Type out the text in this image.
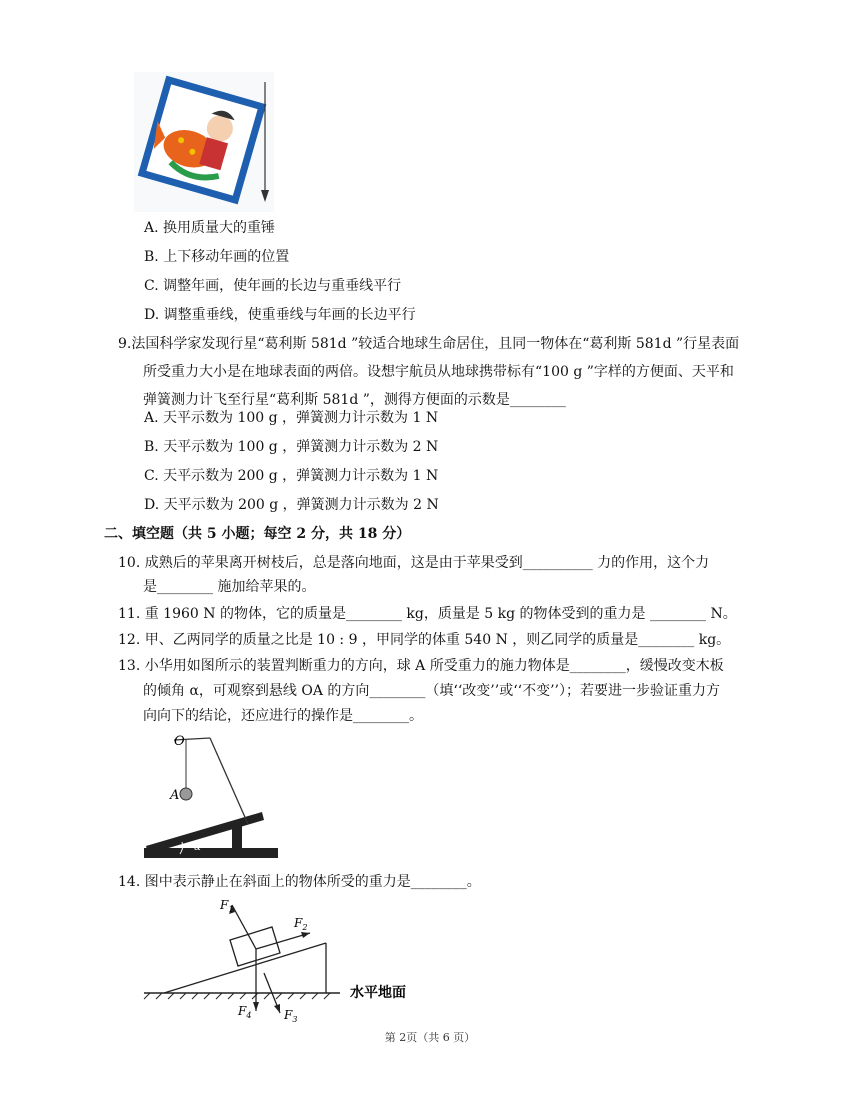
A. 换用质量大的重锤
B. 上下移动年画的位置
C. 调整年画，使年画的长边与重垂线平行
D. 调整重垂线，使重垂线与年画的长边平行
9.法国科学家发现行星“葛利斯 581d ”较适合地球生命居住，且同一物体在“葛利斯 581d ”行星表面
所受重力大小是在地球表面的两倍。设想宇航员从地球携带标有“100 g ”字样的方便面、天平和
弹簧测力计飞至行星“葛利斯 581d ”，测得方便面的示数是________
A. 天平示数为 100 g ，弹簧测力计示数为 1 N
B. 天平示数为 100 g ，弹簧测力计示数为 2 N
C. 天平示数为 200 g ，弹簧测力计示数为 1 N
D. 天平示数为 200 g ，弹簧测力计示数为 2 N
二、填空题（共 5 小题；每空 2 分，共 18 分）
10. 成熟后的苹果离开树枝后，总是落向地面，这是由于苹果受到__________ 力的作用，这个力
是________ 施加给苹果的。
11. 重 1960 N 的物体，它的质量是________ kg，质量是 5 kg 的物体受到的重力是 ________ N。
12. 甲、乙两同学的质量之比是 10 : 9 ，甲同学的体重 540 N ，则乙同学的质量是________ kg。
13. 小华用如图所示的装置判断重力的方向，球 A 所受重力的施力物体是________，缓慢改变木板
的倾角 α，可观察到悬线 OA 的方向________（填‘‘改变’’或‘‘不变’’）；若要进一步验证重力方
向向下的结论，还应进行的操作是________。
O
A
α
14. 图中表示静止在斜面上的物体所受的重力是________。
$F_1$
$F_2$
$F_3$
$F_4$
水平地面
第 2页（共 6 页）
